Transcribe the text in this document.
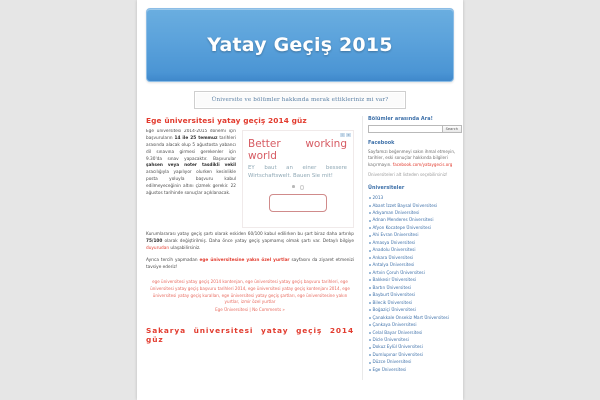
Yatay Geçiş 2015
Üniversite ve bölümler hakkında merak ettikleriniz mi var?
Ege üniversitesi yatay geçiş 2014 güz
ⓘ	✕
Better working world
EY baut an einer bessere Wirtschaftswelt. Bauen Sie mit!

Ege üniversitesi 2014-2015 dönemi için başvuruların 14 ile 25 temmuz tarihleri arasında alacak olup 5 ağustosta yabancı dil sınavına girmesi gerekenler için 9.30'da sınav yapacaktır. Başvurular şahsen veya noter tasdikli vekil aracılığıyla yapılıyor olurken kesinlikle posta yoluyla başvuru kabul edilmeyeceğinin altını çizmek gerekir. 22 ağustos tarihinde sonuçlar açıklanacak.

Kurumlararası yatay geçiş şartı olarak eskiden 60/100 kabul edilirken bu şart biraz daha artırılıp 75/100 olarak değiştirilmiş. Daha önce yatay geçiş yapmamış olmak şartı var. Detaylı bilgiye duyurudan ulaşabilirsiniz.

Ayrıca tercih yapmadan ege üniversitesine yakın özel yurtlar sayfasını da ziyaret etmenizi tavsiye ederiz!

ege üniversitesi yatay geçiş 2014 kontenjan, ege üniversitesi yatay geçiş başvuru tarihleri, ege üniversitesi yatay geçiş başvuru tarihleri 2014, ege üniversitesi yatay geçiş kontenjanı 2014, ege üniversitesi yatay geçiş kuralları, ege üniversitesi yatay geçiş şartları, ege üniversitesine yakın yurtlar, izmir özel yurtlar
Ege Üniversitesi | No Comments »
Sakarya üniversitesi yatay geçiş 2014 güz
Bölümler arasında Ara!
Search
Facebook

Sayfamızı beğenmeyi sakın ihmal etmeyin, tarihler, eski sonuçlar hakkında bilgileri kaçırmayın. facebook.com/yataygecis.org

Üniversiteleri alt listeden seçebilirsiniz!

Üniversiteler
2013
Abant İzzet Baysal Üniversitesi
Adıyaman Üniversitesi
Adnan Menderes Üniversitesi
Afyon Kocatepe Üniversitesi
Ahi Evran Üniversitesi
Amasya Üniversitesi
Anadolu Üniversitesi
Ankara Üniversitesi
Antalya Üniversitesi
Artvin Çoruh Üniversitesi
Balıkesir Üniversitesi
Bartın Üniversitesi
Bayburt Üniversitesi
Bilecik Üniversitesi
Boğaziçi Üniversitesi
Çanakkale Onsekiz Mart Üniversitesi
Çankaya Üniversitesi
Celal Bayar Üniversitesi
Dicle Üniversitesi
Dokuz Eylül Üniversitesi
Dumlupınar Üniversitesi
Düzce Üniversitesi
Ege Üniversitesi
